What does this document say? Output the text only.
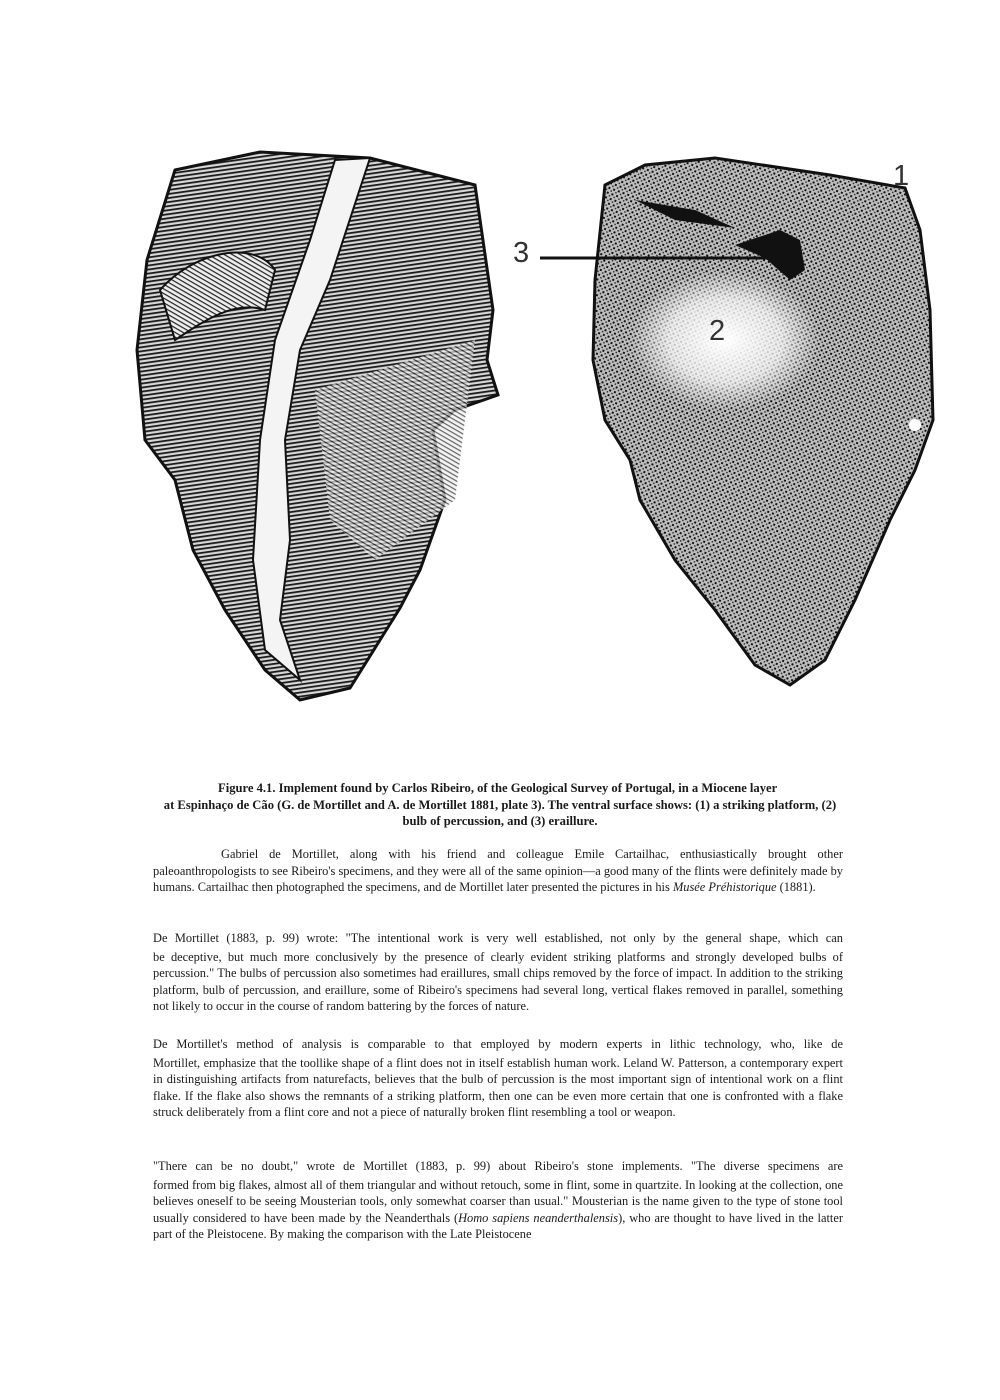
3
2
1
Figure 4.1. Implement found by Carlos Ribeiro, of the Geological Survey of Portugal, in a Miocene layer
at Espinhaço de Cão (G. de Mortillet and A. de Mortillet 1881, plate 3). The ventral surface shows: (1) a striking platform, (2) bulb of percussion, and (3) eraillure.

Gabriel de Mortillet, along with his friend and colleague Emile Cartailhac, enthusiastically brought other paleoanthropologists to see Ribeiro's specimens, and they were all of the same opinion—a good many of the flints were definitely made by humans. Cartailhac then photographed the specimens, and de Mortillet later presented the pictures in his Musée Préhistorique (1881).

De Mortillet (1883, p. 99) wrote: "The intentional work is very well established, not only by the general shape, which can
be deceptive, but much more conclusively by the presence of clearly evident striking platforms and strongly developed bulbs of percussion." The bulbs of percussion also sometimes had eraillures, small chips removed by the force of impact. In addition to the striking platform, bulb of percussion, and eraillure, some of Ribeiro's specimens had several long, vertical flakes removed in parallel, something not likely to occur in the course of random battering by the forces of nature.

De Mortillet's method of analysis is comparable to that employed by modern experts in lithic technology, who, like de
Mortillet, emphasize that the toollike shape of a flint does not in itself establish human work. Leland W. Patterson, a contemporary expert in distinguishing artifacts from naturefacts, believes that the bulb of percussion is the most important sign of intentional work on a flint flake. If the flake also shows the remnants of a striking platform, then one can be even more certain that one is confronted with a flake struck deliberately from a flint core and not a piece of naturally broken flint resembling a tool or weapon.

"There can be no doubt," wrote de Mortillet (1883, p. 99) about Ribeiro's stone implements. "The diverse specimens are
formed from big flakes, almost all of them triangular and without retouch, some in flint, some in quartzite. In looking at the collection, one believes oneself to be seeing Mousterian tools, only somewhat coarser than usual." Mousterian is the name given to the type of stone tool usually considered to have been made by the Neanderthals (Homo sapiens neanderthalensis), who are thought to have lived in the latter part of the Pleistocene. By making the comparison with the Late Pleistocene
